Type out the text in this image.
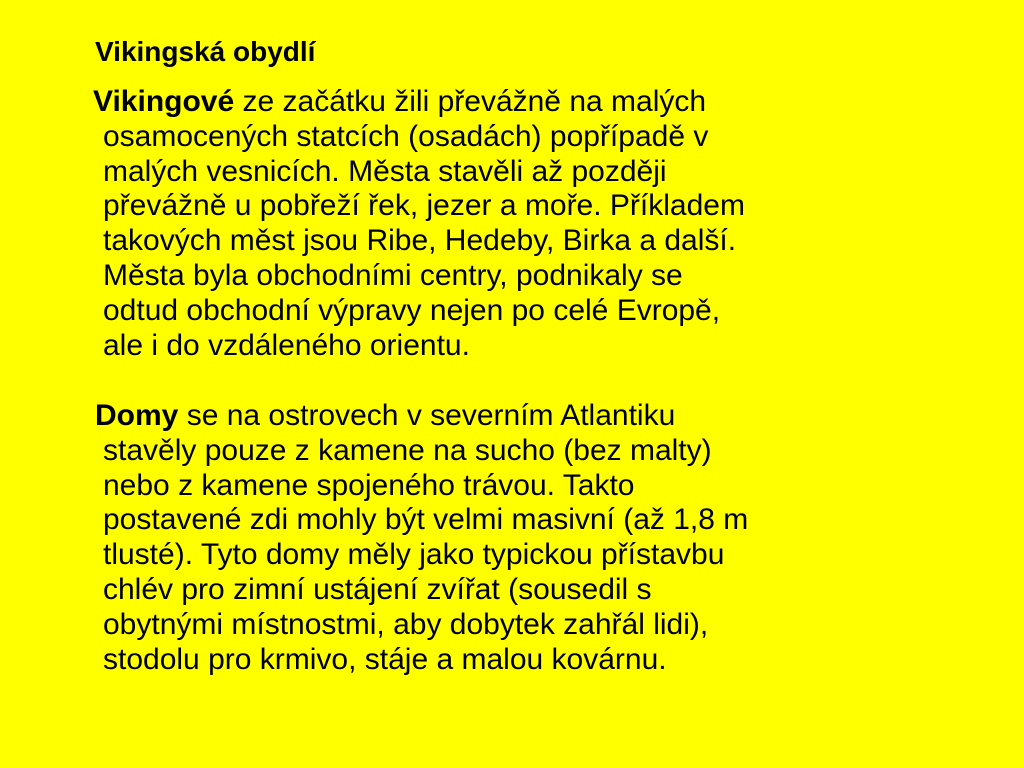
Vikingská obydlí

Vikingové ze začátku žili převážně na malých
osamocených statcích (osadách) popřípadě v
malých vesnicích. Města stavěli až později
převážně u pobřeží řek, jezer a moře. Příkladem
takových měst jsou Ribe, Hedeby, Birka a další.
Města byla obchodními centry, podnikaly se
odtud obchodní výpravy nejen po celé Evropě,
ale i do vzdáleného orientu.

Domy se na ostrovech v severním Atlantiku
stavěly pouze z kamene na sucho (bez malty)
nebo z kamene spojeného trávou. Takto
postavené zdi mohly být velmi masivní (až 1,8 m
tlusté). Tyto domy měly jako typickou přístavbu
chlév pro zimní ustájení zvířat (sousedil s
obytnými místnostmi, aby dobytek zahřál lidi),
stodolu pro krmivo, stáje a malou kovárnu.
